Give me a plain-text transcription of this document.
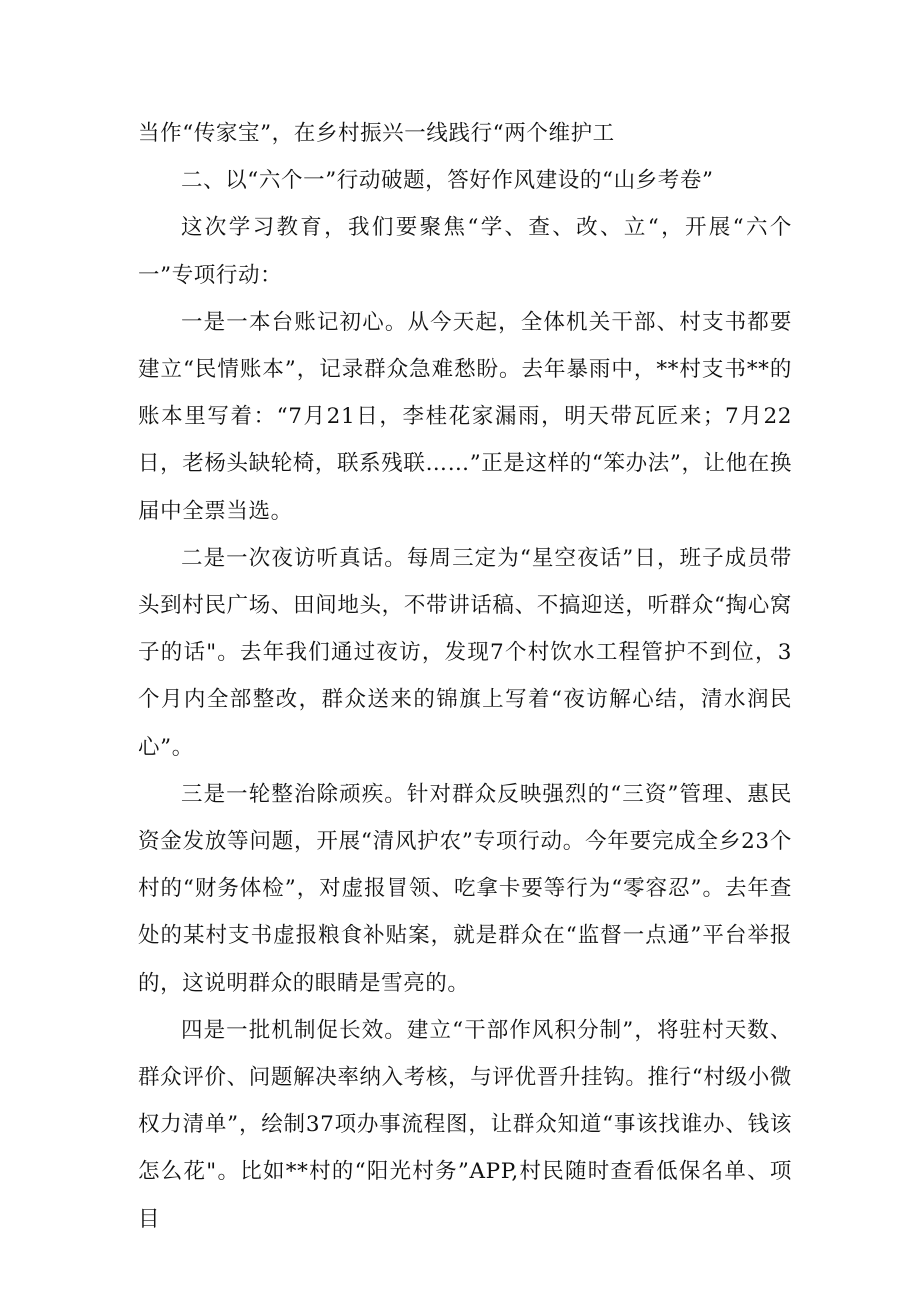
当作“传家宝”，在乡村振兴一线践行“两个维护工

二、以“六个一”行动破题，答好作风建设的“山乡考卷”

这次学习教育，我们要聚焦“学、查、改、立“，开展“六个一”专项行动：

一是一本台账记初心。从今天起，全体机关干部、村支书都要建立“民情账本”，记录群众急难愁盼。去年暴雨中，**村支书**的账本里写着：“7月21日，李桂花家漏雨，明天带瓦匠来；7月22日，老杨头缺轮椅，联系残联……”正是这样的“笨办法”，让他在换届中全票当选。

二是一次夜访听真话。每周三定为“星空夜话”日，班子成员带头到村民广场、田间地头，不带讲话稿、不搞迎送，听群众“掏心窝子的话"。去年我们通过夜访，发现7个村饮水工程管护不到位，3个月内全部整改，群众送来的锦旗上写着“夜访解心结，清水润民心”。

三是一轮整治除顽疾。针对群众反映强烈的“三资”管理、惠民资金发放等问题，开展“清风护农”专项行动。今年要完成全乡23个村的“财务体检”，对虚报冒领、吃拿卡要等行为“零容忍”。去年查处的某村支书虚报粮食补贴案，就是群众在“监督一点通”平台举报的，这说明群众的眼睛是雪亮的。

四是一批机制促长效。建立“干部作风积分制”，将驻村天数、群众评价、问题解决率纳入考核，与评优晋升挂钩。推行“村级小微权力清单”，绘制37项办事流程图，让群众知道“事该找谁办、钱该怎么花"。比如**村的“阳光村务”APP,村民随时查看低保名单、项目
